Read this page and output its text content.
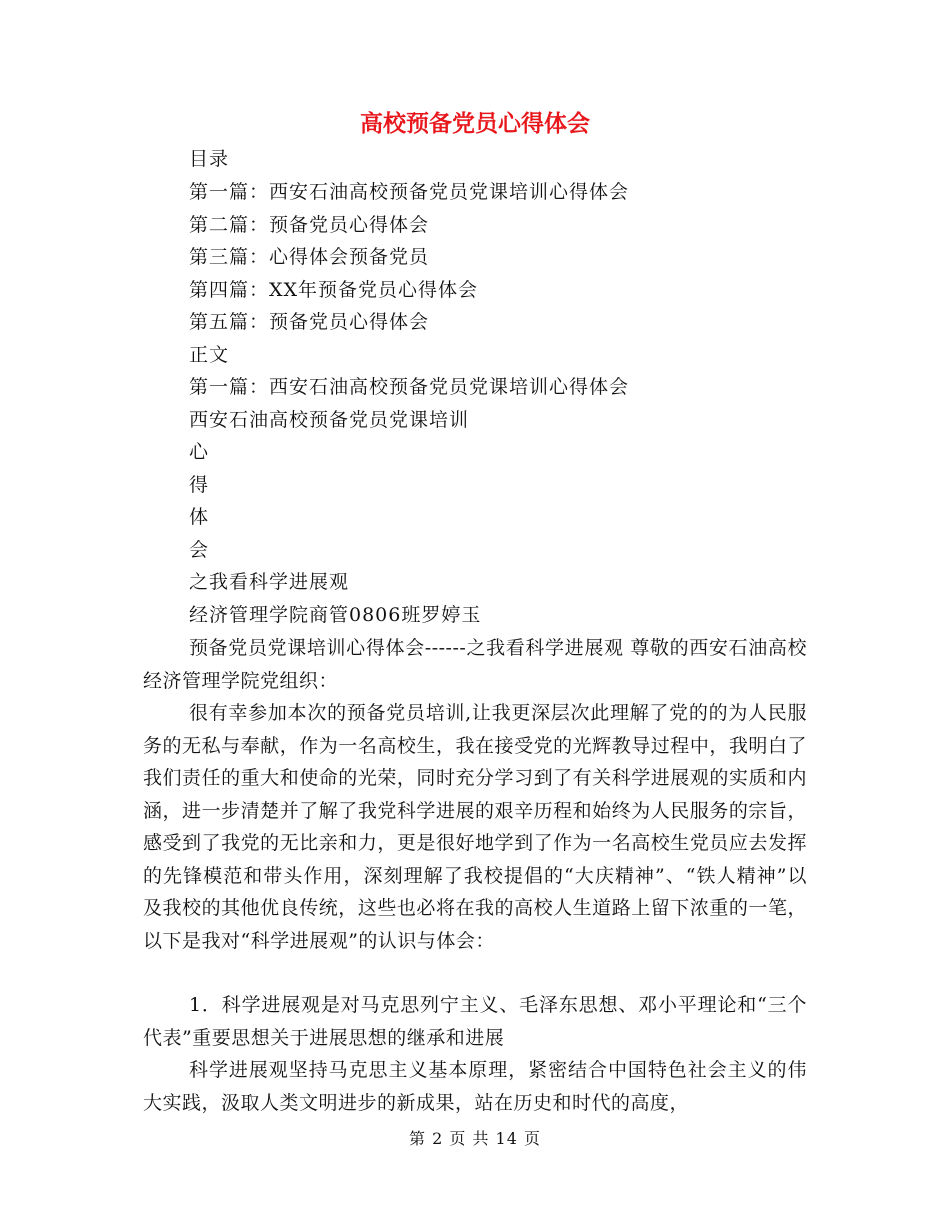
高校预备党员心得体会
目录
第一篇：西安石油高校预备党员党课培训心得体会
第二篇：预备党员心得体会
第三篇：心得体会预备党员
第四篇：XX年预备党员心得体会
第五篇：预备党员心得体会
正文
第一篇：西安石油高校预备党员党课培训心得体会
西安石油高校预备党员党课培训
心
得
体
会
之我看科学进展观
经济管理学院商管0806班罗婷玉
预备党员党课培训心得体会------之我看科学进展观 尊敬的西安石油高校经济管理学院党组织：
很有幸参加本次的预备党员培训,让我更深层次此理解了党的的为人民服务的无私与奉献，作为一名高校生，我在接受党的光辉教导过程中，我明白了我们责任的重大和使命的光荣，同时充分学习到了有关科学进展观的实质和内涵，进一步清楚并了解了我党科学进展的艰辛历程和始终为人民服务的宗旨，感受到了我党的无比亲和力，更是很好地学到了作为一名高校生党员应去发挥的先锋模范和带头作用，深刻理解了我校提倡的“大庆精神”、“铁人精神”以及我校的其他优良传统，这些也必将在我的高校人生道路上留下浓重的一笔，以下是我对“科学进展观”的认识与体会：
1．科学进展观是对马克思列宁主义、毛泽东思想、邓小平理论和“三个代表”重要思想关于进展思想的继承和进展
科学进展观坚持马克思主义基本原理，紧密结合中国特色社会主义的伟大实践，汲取人类文明进步的新成果，站在历史和时代的高度，
第 2 页 共 14 页
